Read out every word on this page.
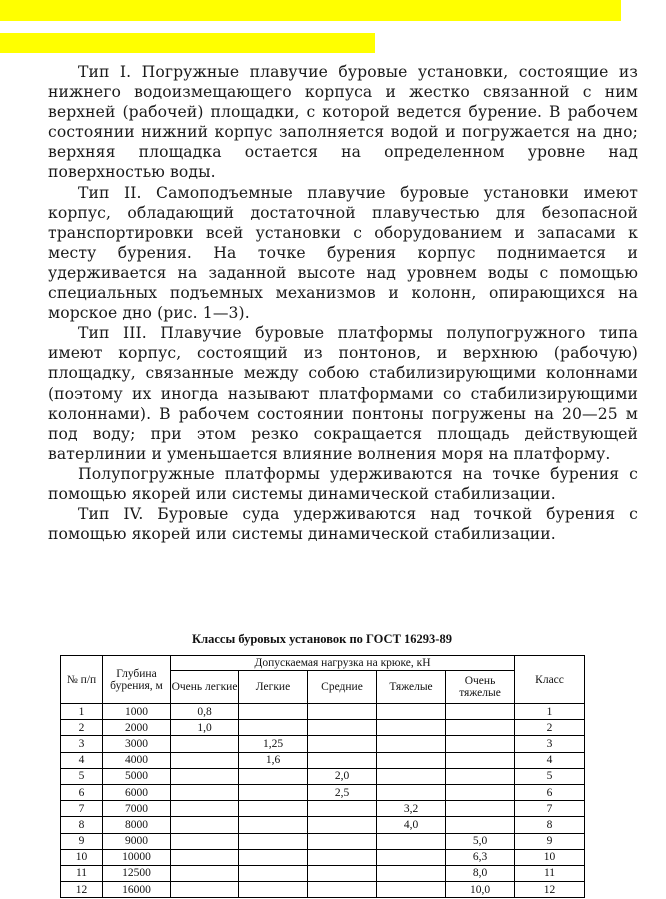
Тип I. Погружные плавучие буровые установки, состоящие из нижнего водоизмещающего корпуса и жестко связанной с ним верхней (рабочей) площадки, с которой ведется бурение. В рабочем состоянии нижний корпус заполняется водой и погружается на дно; верхняя площадка остается на определенном уровне над поверхностью воды.

Тип II. Самоподъемные плавучие буровые установки имеют корпус, обладающий достаточной плавучестью для безопасной транспортировки всей установки с оборудованием и запасами к месту бурения. На точке бурения корпус поднимается и удерживается на заданной высоте над уровнем воды с помощью специальных подъемных механизмов и колонн, опирающихся на морское дно (рис. 1—3).

Тип III. Плавучие буровые платформы полупогружного типа имеют корпус, состоящий из понтонов, и верхнюю (рабочую) площадку, связанные между собою стабилизирующими колоннами (поэтому их иногда называют платформами со стабилизирующими колоннами). В рабочем состоянии понтоны погружены на 20—25 м под воду; при этом резко сокращается площадь действующей ватерлинии и уменьшается влияние волнения моря на платформу.

Полупогружные платформы удерживаются на точке бурения с помощью якорей или системы динамической стабилизации.

Тип IV. Буровые суда удерживаются над точкой бурения с помощью якорей или системы динамической стабилизации.

Классы буровых установок по ГОСТ 16293-89
№ п/п	Глубина бурения, м	Допускаемая нагрузка на крюке, кН					Класс
		Очень легкие	Легкие	Средние	Тяжелые	Очень тяжелые	
1	1000	0,8					1
2	2000	1,0					2
3	3000		1,25				3
4	4000		1,6				4
5	5000			2,0			5
6	6000			2,5			6
7	7000				3,2		7
8	8000				4,0		8
9	9000					5,0	9
10	10000					6,3	10
11	12500					8,0	11
12	16000					10,0	12
